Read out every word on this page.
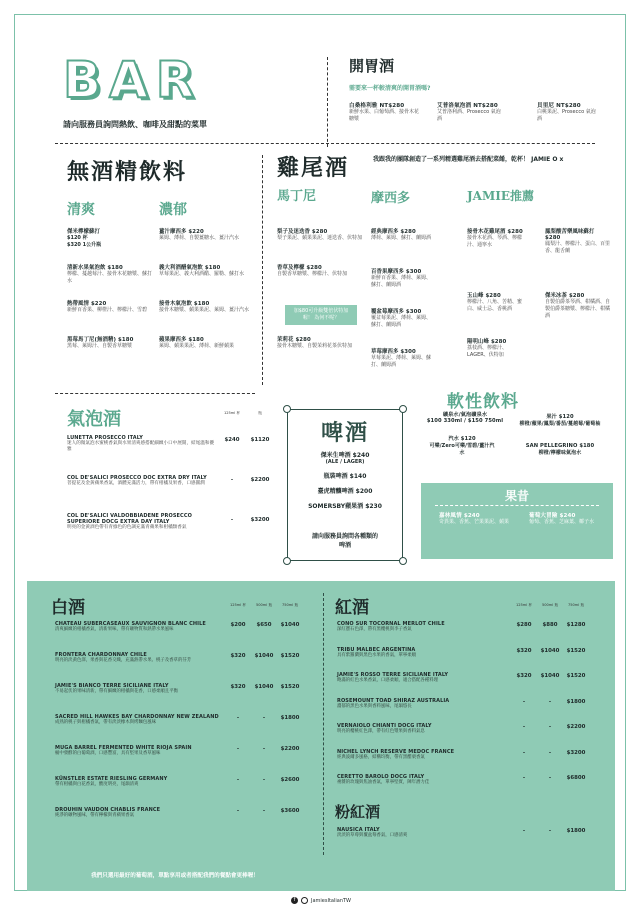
BAR
請向服務員詢問熱飲、咖啡及甜點的菜單
開胃酒
需要來一杯較清爽的開胃酒嗎?
白桑格利雅 NT$280
新鮮水果、白葡萄酒、接骨木花糖漿
艾普洛氣泡酒 NT$280
艾普洛利酒、Prosecco 氣泡酒
貝里尼 NT$280
白桃果泥、Prosecco 氣泡酒
無酒精飲料
清爽	濃郁
傑米檸檬蘇打
$120 杯
$320 1公升瓶
清新水果氣泡飲 $180
檸檬、蔓越莓汁、接骨木花糖漿、蘇打水
熱帶風情 $220
新鮮百香果、柳橙汁、檸檬汁、雪碧
黑莓馬丁尼(無酒精) $180
黑莓、萊姆汁、自製香草糖漿
薑汁摩西多 $220
萊姆、薄荷、自製薑糖水、薑汁汽水
義大利酒醋氣泡飲 $180
草莓果泥、義大利酒醋、羅勒、蘇打水
接骨木氣泡飲 $180
接骨木糖漿、蘋果果泥、萊姆、薑汁汽水
蘋果摩西多 $180
萊姆、蘋果果泥、薄荷、新鮮蘋果
雞尾酒	我跟我的團隊創造了一系列精選雞尾酒去搭配菜餚，乾杯！ JAMIE O x
馬丁尼	摩西多	JAMIE推薦
梨子及迷迭香 $280
梨子果泥、蘋果果泥、迷迭香、伏特加
香草及檸檬 $280
自製香草糖漿、檸檬汁、伏特加
加$80可升級雙倍伏特加喔！ 為何不呢？
茉莉花 $280
接骨木糖漿、自製茉莉花茶伏特加
經典摩西多 $280
薄荷、萊姆、蘇打、蘭姆酒
百香果摩西多 $300
新鮮百香果、薄荷、萊姆、蘇打、蘭姆酒
覆盆莓摩西多 $300
覆盆莓果泥、薄荷、萊姆、蘇打、蘭姆酒
草莓摩西多 $300
草莓果泥、薄荷、萊姆、蘇打、蘭姆酒
接骨木花雞尾酒 $280
接骨木花酒、琴酒、檸檬汁、通寧水
玉山峰 $280
檸檬汁、八角、苦精、蜜白、威士忌、香桃酒
陽明山峰 $280
荔枝酒、檸檬汁、LAGER、伏特加
鳳梨酸苦樂風味蘇打 $280
鳳梨汁、檸檬汁、蛋白、百里香、龍舌蘭
傑米冰茶 $280
自製伯爵茶琴酒、柑橘酒、自製伯爵茶糖漿、檸檬汁、柑橘酒
氣泡酒	125ml 杯	瓶
LUNETTA PROSECCO ITALY
迷人的微氣泡水蜜桃香氣與水果清爽感搭配細緻小口中展開，結尾溫和優雅
$240	$1120
COL DE'SALICI PROSECCO DOC EXTRA DRY ITALY
菩提花及金黃蘋果香氣，酒體充滿活力，帶有柑橘及果香，口感圓潤
-	$2200
COL DE'SALICI VALDOBBIADENE PROSECCO SUPERIORE DOCG EXTRA DAY ITALY
明亮的金黃酒色帶有青綠色的色調充滿青蘋果和柑橘類香氣
-	$3200
啤酒
傑米生啤酒 $240
(ALE / LAGER)
瓶裝啤酒 $140
臺虎精釀啤酒 $200
SOMERSBY蘋果酒 $230
請向服務員詢問各種類的啤酒
軟性飲料
礦泉水/氣泡礦泉水
$100 330ml / $150 750ml
汽水 $120
可樂/Zero可樂/雪碧/薑汁汽水
果汁 $120
柳橙/蘋果/鳳梨/番茄/蔓越莓/葡萄柚
SAN PELLEGRINO $180
柳橙/檸檬味氣泡水
果昔
嘉林風情 $240
奇異果、香蕉、芒果果泥、蘋果
葡萄大冒險 $240
葡萄、香蕉、芝麻葉、椰子水
白酒	125ml 杯	500ml 瓶	750ml 瓶
CHATEAU SUBERCASEAUX SAUVIGNON BLANC CHILE
清爽細緻的柑橘香氣，清新果味，帶有礦物質和熱帶水果風味
$200	$650	$1040
FRONTERA CHARDONNAY CHILE
明亮的淡黃色澤，果香與花香交織，充滿熱帶水果、桃子及香草的芬芳
$320	$1040	$1520
JAMIE'S BIANCO TERRE SICILIANE ITALY
不易起伏的果味清新，帶有細緻的柑橘與花香，口感柔順且平衡
$320	$1040	$1520
SACRED HILL HAWKES BAY CHARDONNAY NEW ZEALAND
成熟的桃子與柑橘香氣，帶有淡淡橡木與烤麵包風味
-	-	$1800
MUGA BARREL FERMENTED WHITE RIOJA SPAIN
桶中發酵的白葡萄酒，口感豐富，具有堅果及香草風味
-	-	$2200
KÜNSTLER ESTATE RIESLING GERMANY
帶有柑橘與白花香氣，酸度明亮，尾韻清爽
-	-	$2600
DROUHIN VAUDON CHABLIS FRANCE
純淨的礦物風味，帶有檸檬與青蘋果香氣
-	-	$3600
紅酒	125ml 杯	500ml 瓶	750ml 瓶
CONO SUR TOCORNAL MERLOT CHILE
深紅寶石色澤，帶有黑櫻桃與李子香氣
$280	$880	$1280
TRIBU MALBEC ARGENTINA
具有紫羅蘭與黑色水果的香氣，單寧柔順
$320	$1040	$1520
JAMIE'S ROSSO TERRE SICILIANE ITALY
飽滿的紅色水果香氣，口感柔順，適合搭配各種料理
$320	$1040	$1520
ROSEMOUNT TOAD SHIRAZ AUSTRALIA
濃郁的黑色水果與香料風味，尾韻悠長
-	-	$1800
VERNAIOLO CHIANTI DOCG ITALY
明亮的櫻桃紅色澤，帶有紅色漿果與香料氣息
-	-	$2200
NICHEL LYNCH RESERVE MEDOC FRANCE
經典波爾多風格，結構均衡，帶有黑醋栗香氣
-	-	$3200
CERETTO BAROLO DOCG ITALY
複雜的玫瑰與焦油香氣，單寧堅實，陳年潛力佳
-	-	$6800
粉紅酒
NAUSICA ITALY
淡淡的草莓與覆盆莓香氣，口感清爽
-	-	$1800
我們只選用最好的葡萄酒，單點享用或者搭配我們的餐點會更棒喔！
f	JamiesItalianTW
